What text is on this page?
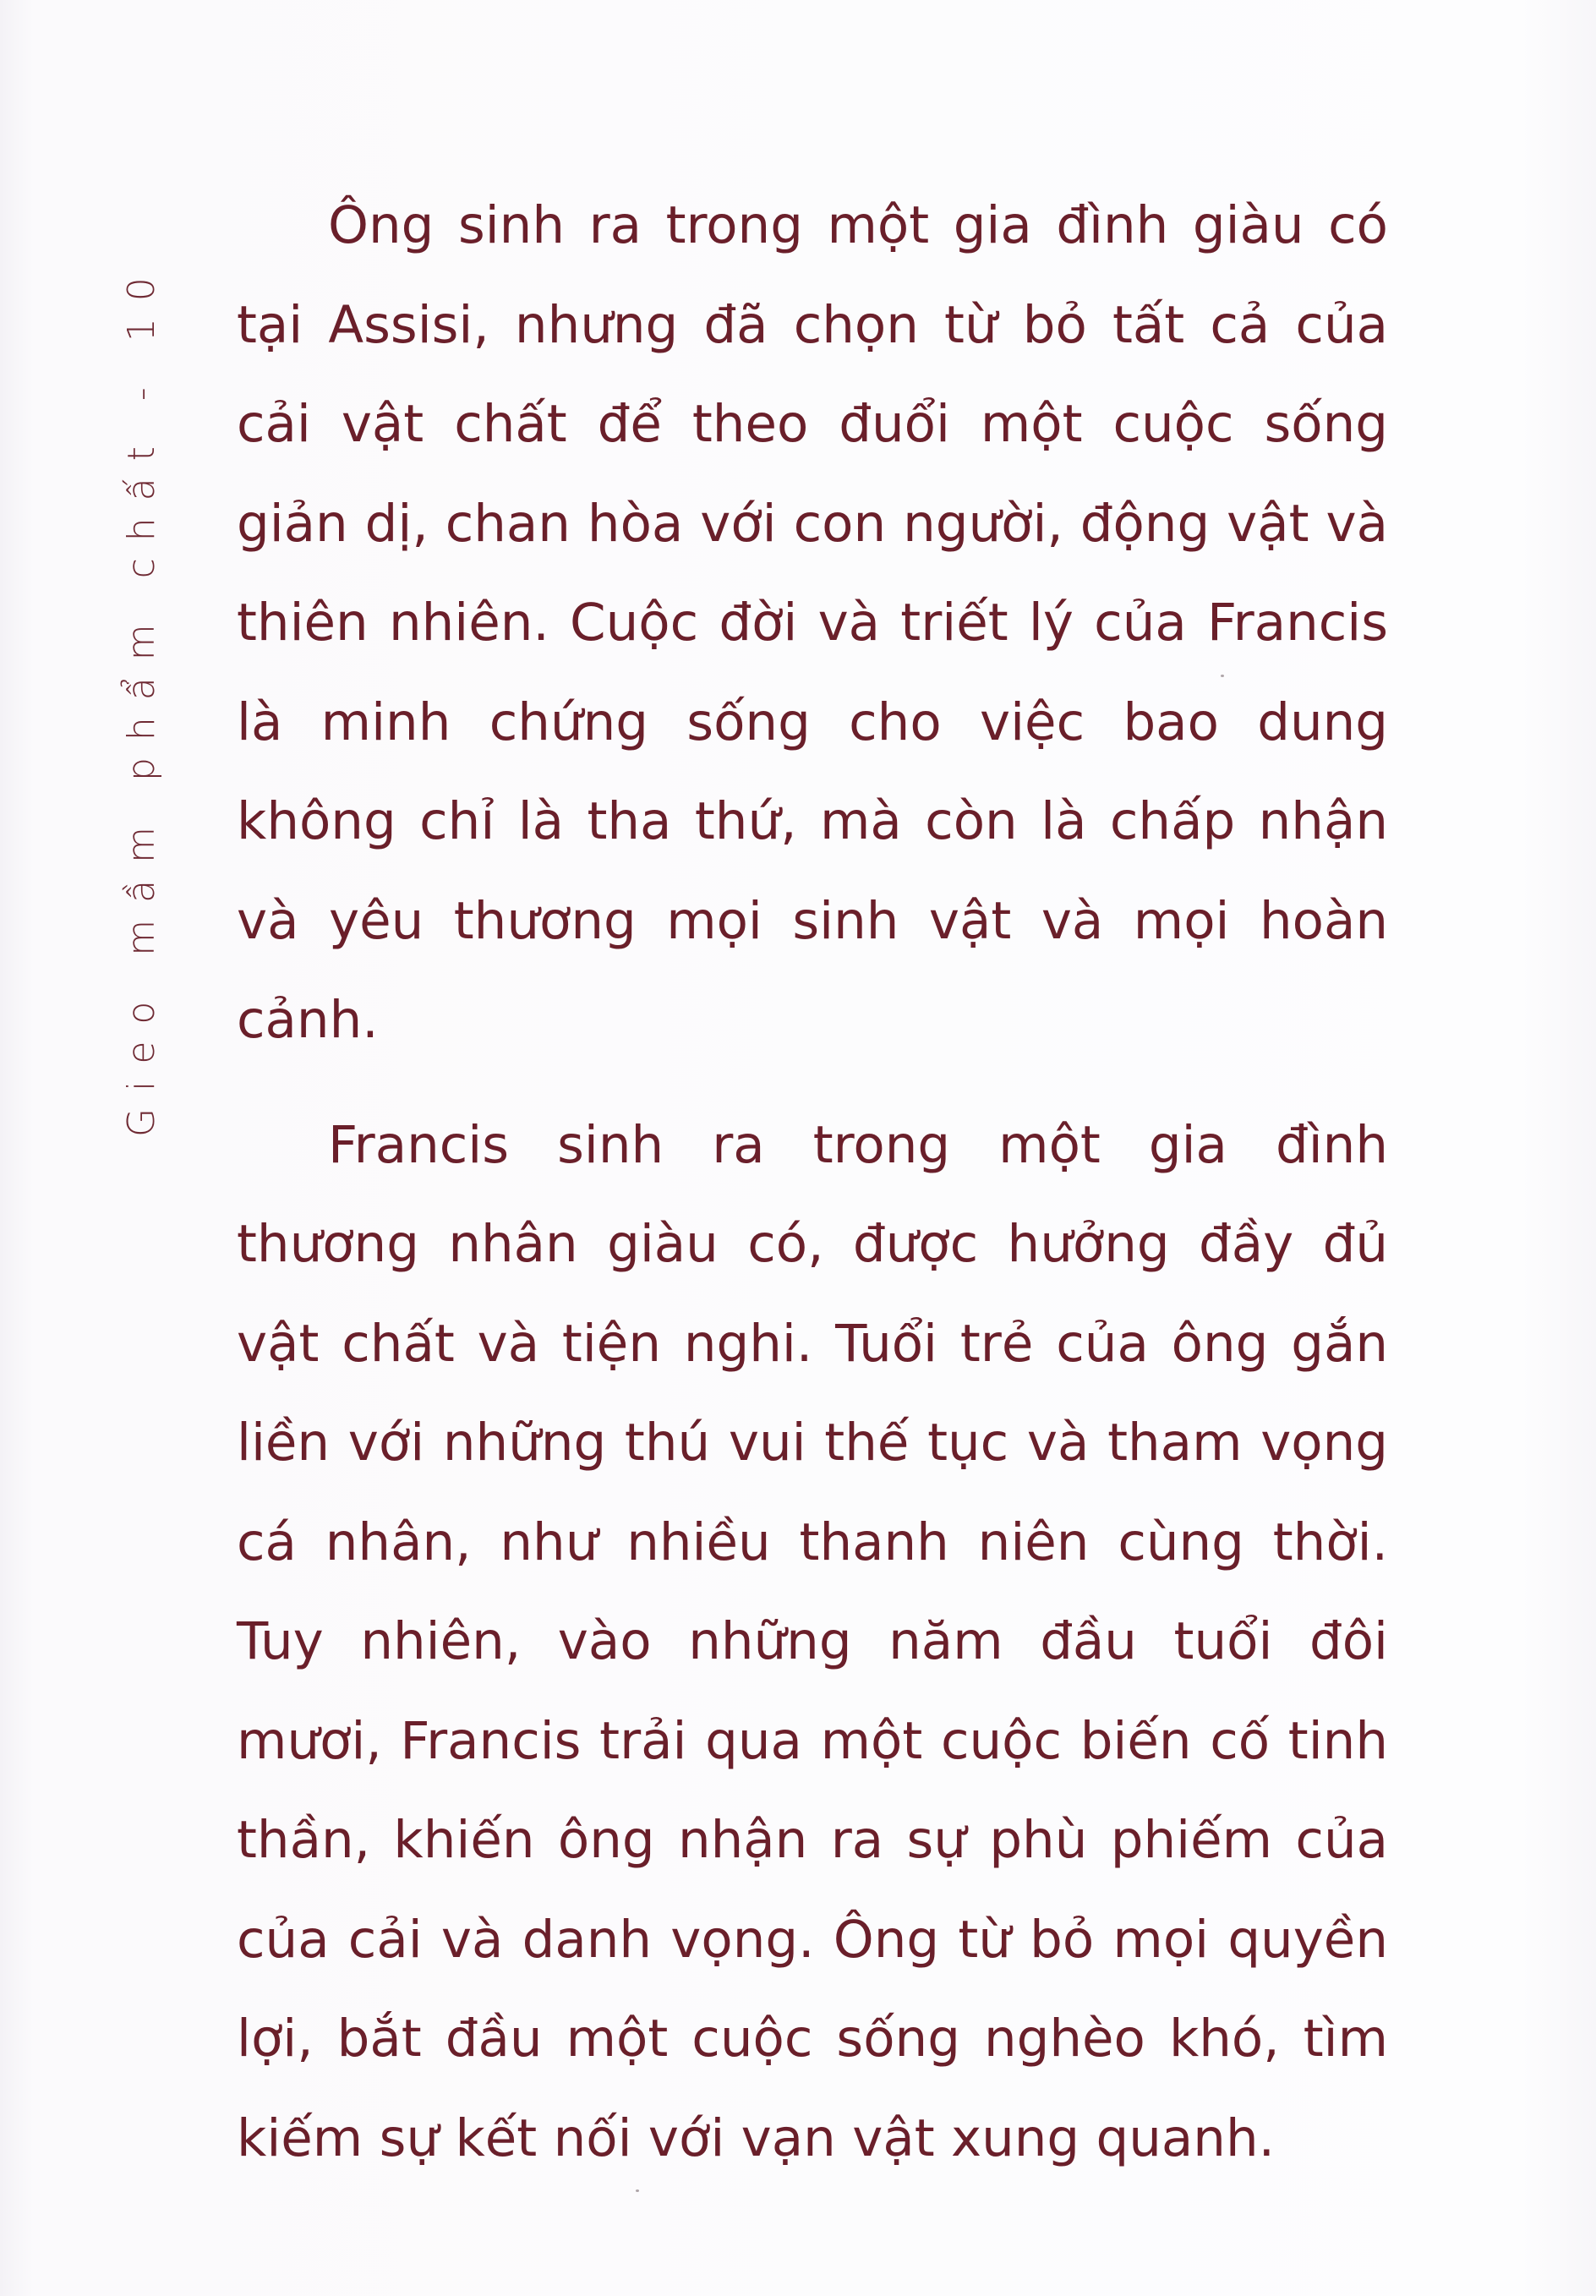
Gieo mầm phẩm chất - 10

Ông sinh ra trong một gia đình giàu có tại Assisi, nhưng đã chọn từ bỏ tất cả của cải vật chất để theo đuổi một cuộc sống giản dị, chan hòa với con người, động vật và thiên nhiên. Cuộc đời và triết lý của Francis là minh chứng sống cho việc bao dung không chỉ là tha thứ, mà còn là chấp nhận và yêu thương mọi sinh vật và mọi hoàn cảnh.

Francis sinh ra trong một gia đình thương nhân giàu có, được hưởng đầy đủ vật chất và tiện nghi. Tuổi trẻ của ông gắn liền với những thú vui thế tục và tham vọng cá nhân, như nhiều thanh niên cùng thời. Tuy nhiên, vào những năm đầu tuổi đôi mươi, Francis trải qua một cuộc biến cố tinh thần, khiến ông nhận ra sự phù phiếm của của cải và danh vọng. Ông từ bỏ mọi quyền lợi, bắt đầu một cuộc sống nghèo khó, tìm kiếm sự kết nối với vạn vật xung quanh.
